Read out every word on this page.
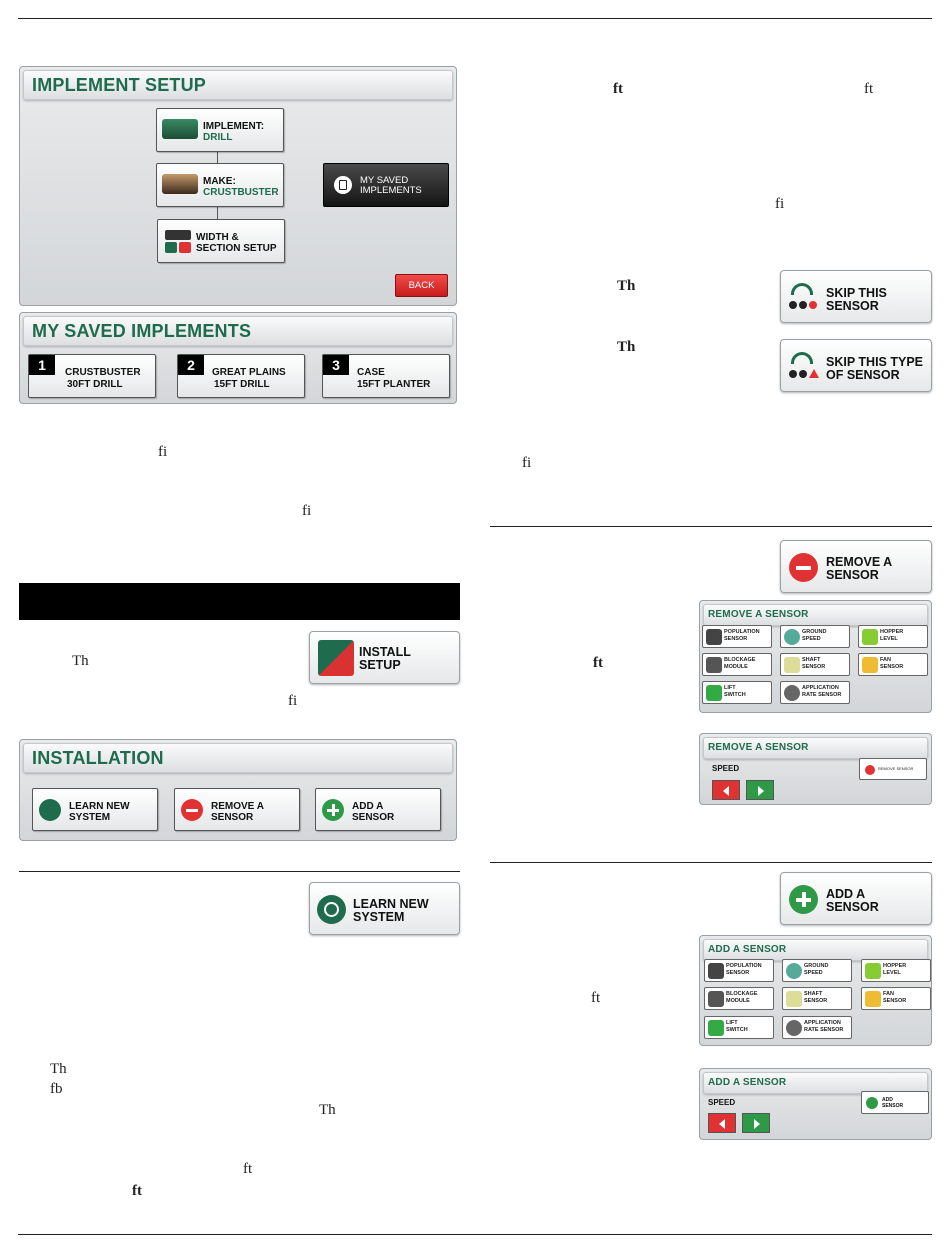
IMPLEMENT SETUP
IMPLEMENT:
DRILL
MAKE:
CRUSTBUSTER
WIDTH &
SECTION SETUP
MY SAVED
IMPLEMENTS
BACK
MY SAVED IMPLEMENTS
1	CRUSTBUSTER
30FT DRILL
2	GREAT PLAINS
15FT DRILL
3	CASE
15FT PLANTER
fi
fi
Th
fi
INSTALL
SETUP
INSTALLATION
LEARN NEW
SYSTEM
REMOVE A
SENSOR
ADD A
SENSOR
LEARN NEW
SYSTEM
Th
fb
Th
ft
ft
ft	ft
fi
Th
Th
fi
SKIP THIS
SENSOR
SKIP THIS TYPE
OF SENSOR
REMOVE A
SENSOR
ft
REMOVE A SENSOR
POPULATION
SENSOR
GROUND
SPEED
HOPPER
LEVEL
BLOCKAGE
MODULE
SHAFT
SENSOR
FAN
SENSOR
LIFT
SWITCH
APPLICATION
RATE SENSOR
REMOVE A SENSOR
SPEED	REMOVE SENSOR
ADD A
SENSOR
ft
ADD A SENSOR
POPULATION
SENSOR
GROUND
SPEED
HOPPER
LEVEL
BLOCKAGE
MODULE
SHAFT
SENSOR
FAN
SENSOR
LIFT
SWITCH
APPLICATION
RATE SENSOR
ADD A SENSOR
SPEED	ADD
SENSOR
